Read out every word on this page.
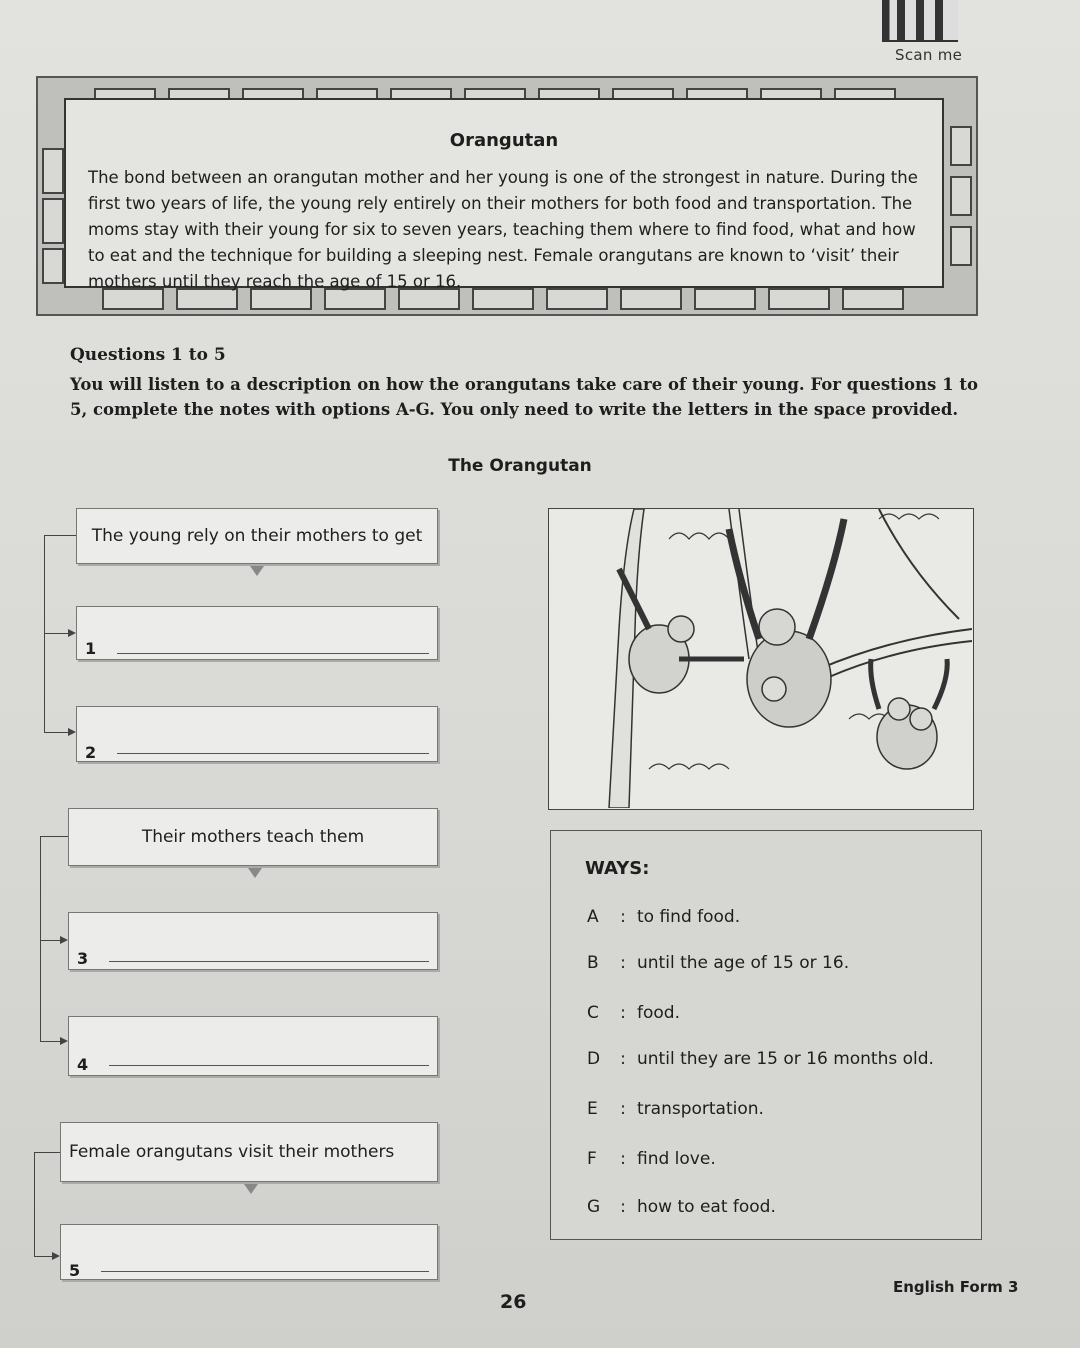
Scan me
Orangutan
The bond between an orangutan mother and her young is one of the strongest in nature. During the first two years of life, the young rely entirely on their mothers for both food and transportation. The moms stay with their young for six to seven years, teaching them where to find food, what and how to eat and the technique for building a sleeping nest. Female orangutans are known to ‘visit’ their mothers until they reach the age of 15 or 16.
Questions 1 to 5
You will listen to a description on how the orangutans take care of their young. For questions 1 to 5, complete the notes with options A-G. You only need to write the letters in the space provided.
The Orangutan
The young rely on their mothers to get
1
2
Their mothers teach them
3
4
Female orangutans visit their mothers
5
WAYS:
A : to find food.
B : until the age of 15 or 16.
C : food.
D : until they are 15 or 16 months old.
E : transportation.
F : find love.
G : how to eat food.
26
English Form 3
